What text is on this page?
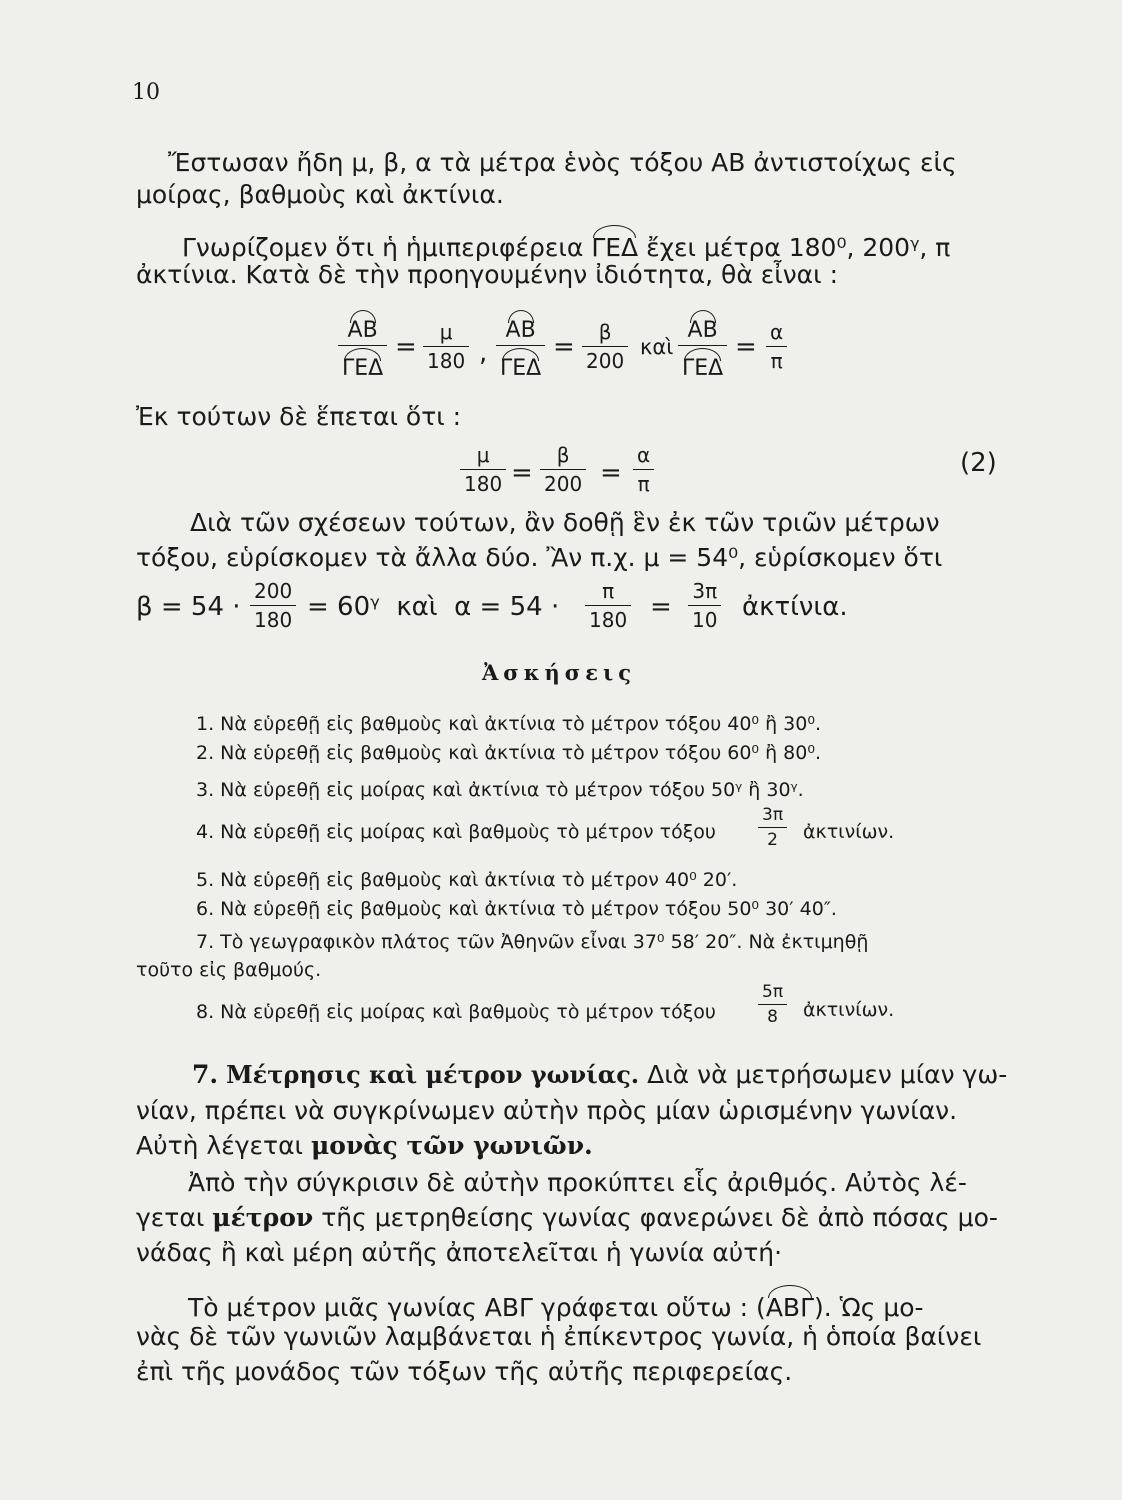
10
Ἔστωσαν ἤδη μ, β, α τὰ μέτρα ἑνὸς τόξου ΑΒ ἀντιστοίχως εἰς
μοίρας, βαθμοὺς καὶ ἀκτίνια.
Γνωρίζομεν ὅτι ἡ ἡμιπεριφέρεια ΓΕΔ ἔχει μέτρα 180⁰, 200ᵞ, π
ἀκτίνια. Κατὰ δὲ τὴν προηγουμένην ἰδιότητα, θὰ εἶναι :
ΑΒ
ΓΕΔ
= $\frac{\mu}{180}$ ,
ΑΒ
ΓΕΔ
= $\frac{\beta}{200}$ καὶ
ΑΒ
ΓΕΔ
= $\frac{\alpha}{\pi}$
Ἐκ τούτων δὲ ἕπεται ὅτι :
$\frac{\mu}{180} = \frac{\beta}{200} = \frac{\alpha}{\pi}$	(2)
Διὰ τῶν σχέσεων τούτων, ἂν δοθῇ ἓν ἐκ τῶν τριῶν μέτρων
τόξου, εὑρίσκομεν τὰ ἄλλα δύο. Ἂν π.χ. μ = 54⁰, εὑρίσκομεν ὅτι
$\beta = 54 \cdot \frac{200}{180}$ = 60ᵞ  καὶ  $\alpha = 54 \cdot \frac{\pi}{180} = \frac{3\pi}{10}$ ἀκτίνια.
Ἀσκήσεις
1. Νὰ εὑρεθῇ εἰς βαθμοὺς καὶ ἀκτίνια τὸ μέτρον τόξου 40⁰ ἢ 30⁰.
2. Νὰ εὑρεθῇ εἰς βαθμοὺς καὶ ἀκτίνια τὸ μέτρον τόξου 60⁰ ἢ 80⁰.
3. Νὰ εὑρεθῇ εἰς μοίρας καὶ ἀκτίνια τὸ μέτρον τόξου 50ᵞ ἢ 30ᵞ.
4. Νὰ εὑρεθῇ εἰς μοίρας καὶ βαθμοὺς τὸ μέτρον τόξου $\frac{3\pi}{2}$ ἀκτινίων.
5. Νὰ εὑρεθῇ εἰς βαθμοὺς καὶ ἀκτίνια τὸ μέτρον 40⁰ 20′.
6. Νὰ εὑρεθῇ εἰς βαθμοὺς καὶ ἀκτίνια τὸ μέτρον τόξου 50⁰ 30′ 40″.
7. Τὸ γεωγραφικὸν πλάτος τῶν Ἀθηνῶν εἶναι 37⁰ 58′ 20″. Νὰ ἐκτιμηθῇ
τοῦτο εἰς βαθμούς.
8. Νὰ εὑρεθῇ εἰς μοίρας καὶ βαθμοὺς τὸ μέτρον τόξου $\frac{5\pi}{8}$ ἀκτινίων.
7. Μέτρησις καὶ μέτρον γωνίας. Διὰ νὰ μετρήσωμεν μίαν γω-
νίαν, πρέπει νὰ συγκρίνωμεν αὐτὴν πρὸς μίαν ὡρισμένην γωνίαν.
Αὐτὴ λέγεται μονὰς τῶν γωνιῶν.
Ἀπὸ τὴν σύγκρισιν δὲ αὐτὴν προκύπτει εἷς ἀριθμός. Αὐτὸς λέ-
γεται μέτρον τῆς μετρηθείσης γωνίας φανερώνει δὲ ἀπὸ πόσας μο-
νάδας ἢ καὶ μέρη αὐτῆς ἀποτελεῖται ἡ γωνία αὐτή·
Τὸ μέτρον μιᾶς γωνίας ΑΒΓ γράφεται οὕτω : (ΑΒΓ). Ὡς μο-
νὰς δὲ τῶν γωνιῶν λαμβάνεται ἡ ἐπίκεντρος γωνία, ἡ ὁποία βαίνει
ἐπὶ τῆς μονάδος τῶν τόξων τῆς αὐτῆς περιφερείας.
